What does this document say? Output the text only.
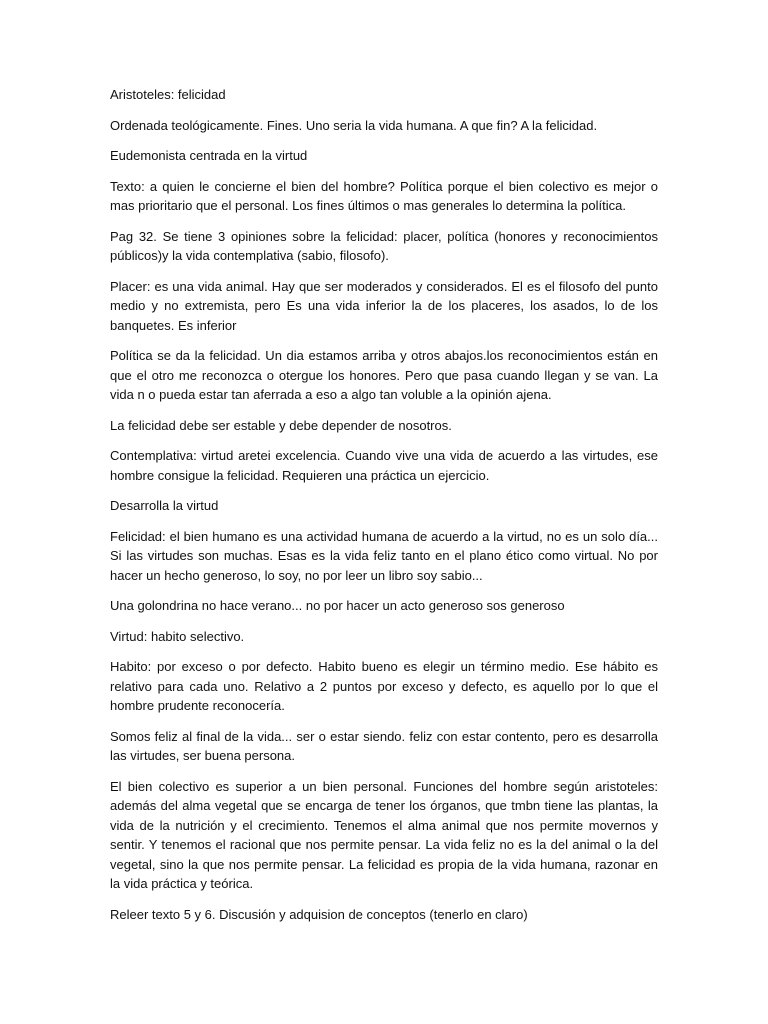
Aristoteles: felicidad

Ordenada teológicamente. Fines. Uno seria la vida humana. A que fin? A la felicidad.

Eudemonista centrada en la virtud

Texto: a quien le concierne el bien del hombre? Política porque el bien colectivo es mejor o mas prioritario que el personal. Los fines últimos o mas generales lo determina la política.

Pag 32. Se tiene 3 opiniones sobre la felicidad: placer, política (honores y reconocimientos públicos)y la vida contemplativa (sabio, filosofo).

Placer: es una vida animal. Hay que ser moderados y considerados. El es el filosofo del punto medio y no extremista, pero Es una vida inferior la de los placeres, los asados, lo de los banquetes. Es inferior

Política se da la felicidad. Un dia estamos arriba y otros abajos.los reconocimientos están en que el otro me reconozca o otergue los honores. Pero que pasa cuando llegan y se van. La vida n o pueda estar tan aferrada a eso a algo tan voluble a la opinión ajena.

La felicidad debe ser estable y debe depender de nosotros.

Contemplativa: virtud aretei excelencia. Cuando vive una vida de acuerdo a las virtudes, ese hombre consigue la felicidad. Requieren una práctica un ejercicio.

Desarrolla la virtud

Felicidad: el bien humano es una actividad humana de acuerdo a la virtud, no es un solo día... Si las virtudes son muchas. Esas es la vida feliz tanto en el plano ético como virtual. No por hacer un hecho generoso, lo soy, no por leer un libro soy sabio...

Una golondrina no hace verano... no por hacer un acto generoso sos generoso

Virtud: habito selectivo.

Habito: por exceso o por defecto. Habito bueno es elegir un término medio. Ese hábito es relativo para cada uno. Relativo a 2 puntos por exceso y defecto, es aquello por lo que el hombre prudente reconocería.

Somos feliz al final de la vida... ser o estar siendo. feliz con estar contento, pero es desarrolla las virtudes, ser buena persona.

El bien colectivo es superior a un bien personal. Funciones del hombre según aristoteles: además del alma vegetal que se encarga de tener los órganos, que tmbn tiene las plantas, la vida de la nutrición y el crecimiento. Tenemos el alma animal que nos permite movernos y sentir. Y tenemos el racional que nos permite pensar. La vida feliz no es la del animal o la del vegetal, sino la que nos permite pensar. La felicidad es propia de la vida humana, razonar en la vida práctica y teórica.

Releer texto 5 y 6. Discusión y adquision de conceptos (tenerlo en claro)
